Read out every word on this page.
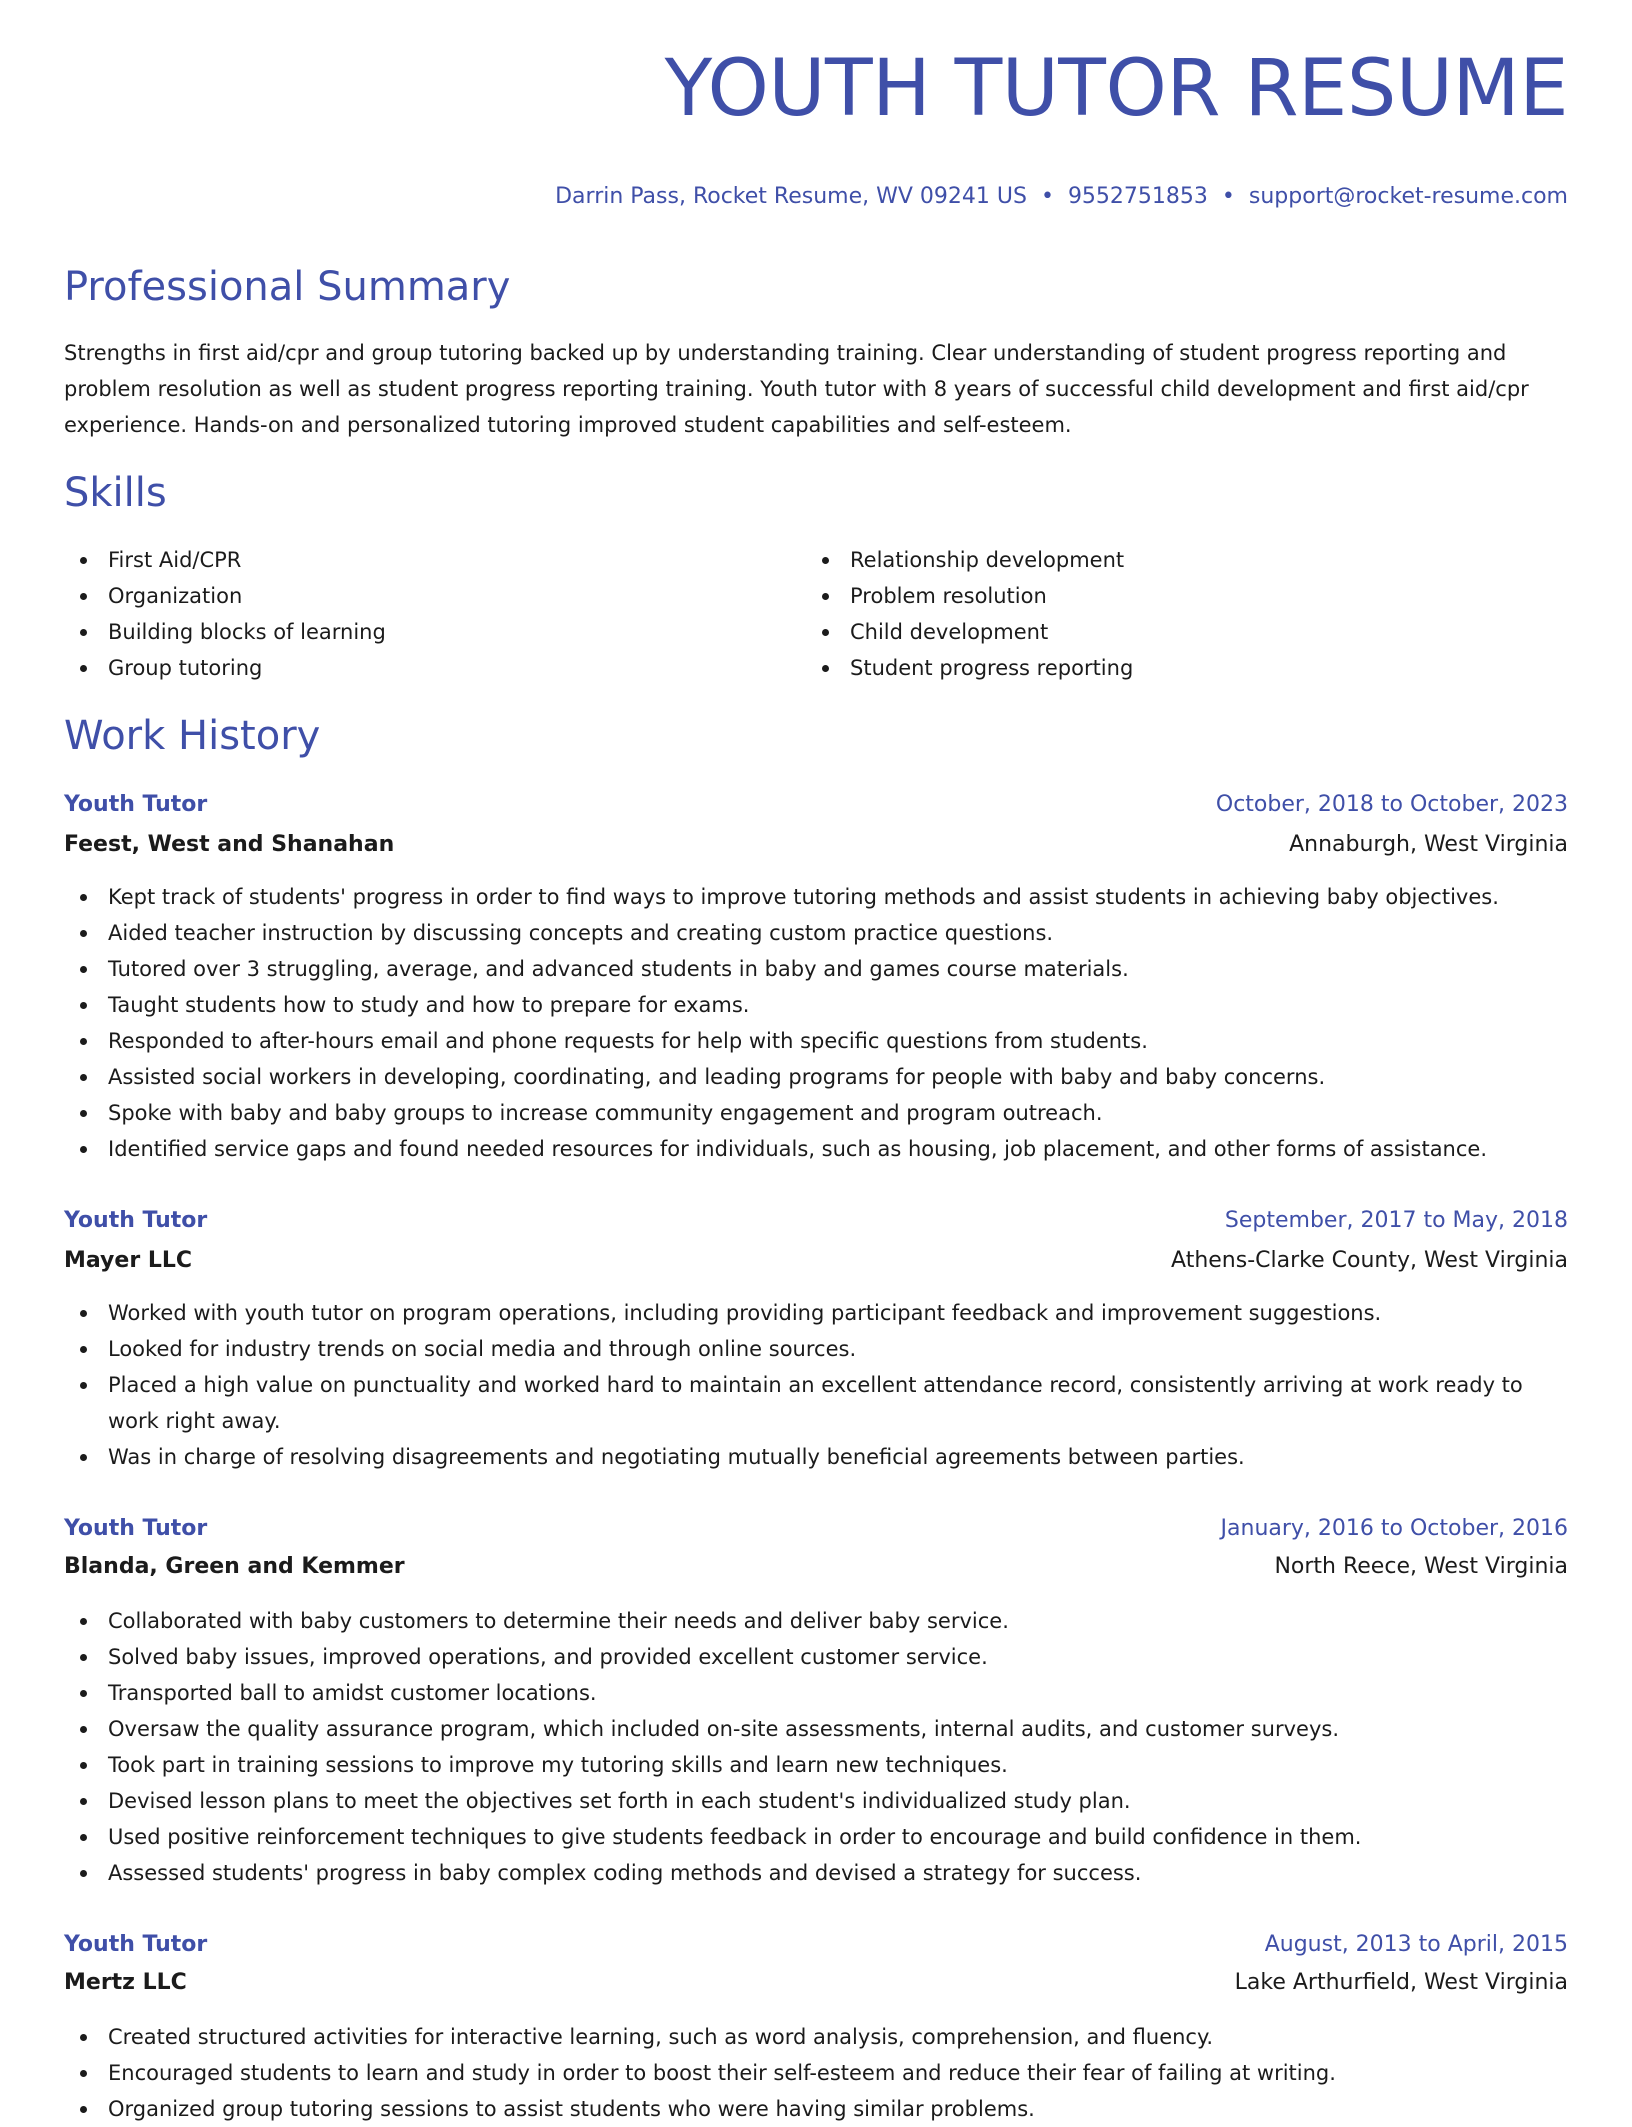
YOUTH TUTOR RESUME
Darrin Pass, Rocket Resume, WV 09241 US • 9552751853 • support@rocket-resume.com
Professional Summary

Strengths in first aid/cpr and group tutoring backed up by understanding training. Clear understanding of student progress reporting and problem resolution as well as student progress reporting training. Youth tutor with 8 years of successful child development and first aid/cpr experience. Hands-on and personalized tutoring improved student capabilities and self-esteem.

Skills
First Aid/CPR
Organization
Building blocks of learning
Group tutoring
Relationship development
Problem resolution
Child development
Student progress reporting
Work History
Youth Tutor	October, 2018 to October, 2023
Feest, West and Shanahan	Annaburgh, West Virginia
Kept track of students' progress in order to find ways to improve tutoring methods and assist students in achieving baby objectives.
Aided teacher instruction by discussing concepts and creating custom practice questions.
Tutored over 3 struggling, average, and advanced students in baby and games course materials.
Taught students how to study and how to prepare for exams.
Responded to after-hours email and phone requests for help with specific questions from students.
Assisted social workers in developing, coordinating, and leading programs for people with baby and baby concerns.
Spoke with baby and baby groups to increase community engagement and program outreach.
Identified service gaps and found needed resources for individuals, such as housing, job placement, and other forms of assistance.
Youth Tutor	September, 2017 to May, 2018
Mayer LLC	Athens-Clarke County, West Virginia
Worked with youth tutor on program operations, including providing participant feedback and improvement suggestions.
Looked for industry trends on social media and through online sources.
Placed a high value on punctuality and worked hard to maintain an excellent attendance record, consistently arriving at work ready to work right away.
Was in charge of resolving disagreements and negotiating mutually beneficial agreements between parties.
Youth Tutor	January, 2016 to October, 2016
Blanda, Green and Kemmer	North Reece, West Virginia
Collaborated with baby customers to determine their needs and deliver baby service.
Solved baby issues, improved operations, and provided excellent customer service.
Transported ball to amidst customer locations.
Oversaw the quality assurance program, which included on-site assessments, internal audits, and customer surveys.
Took part in training sessions to improve my tutoring skills and learn new techniques.
Devised lesson plans to meet the objectives set forth in each student's individualized study plan.
Used positive reinforcement techniques to give students feedback in order to encourage and build confidence in them.
Assessed students' progress in baby complex coding methods and devised a strategy for success.
Youth Tutor	August, 2013 to April, 2015
Mertz LLC	Lake Arthurfield, West Virginia
Created structured activities for interactive learning, such as word analysis, comprehension, and fluency.
Encouraged students to learn and study in order to boost their self-esteem and reduce their fear of failing at writing.
Organized group tutoring sessions to assist students who were having similar problems.
